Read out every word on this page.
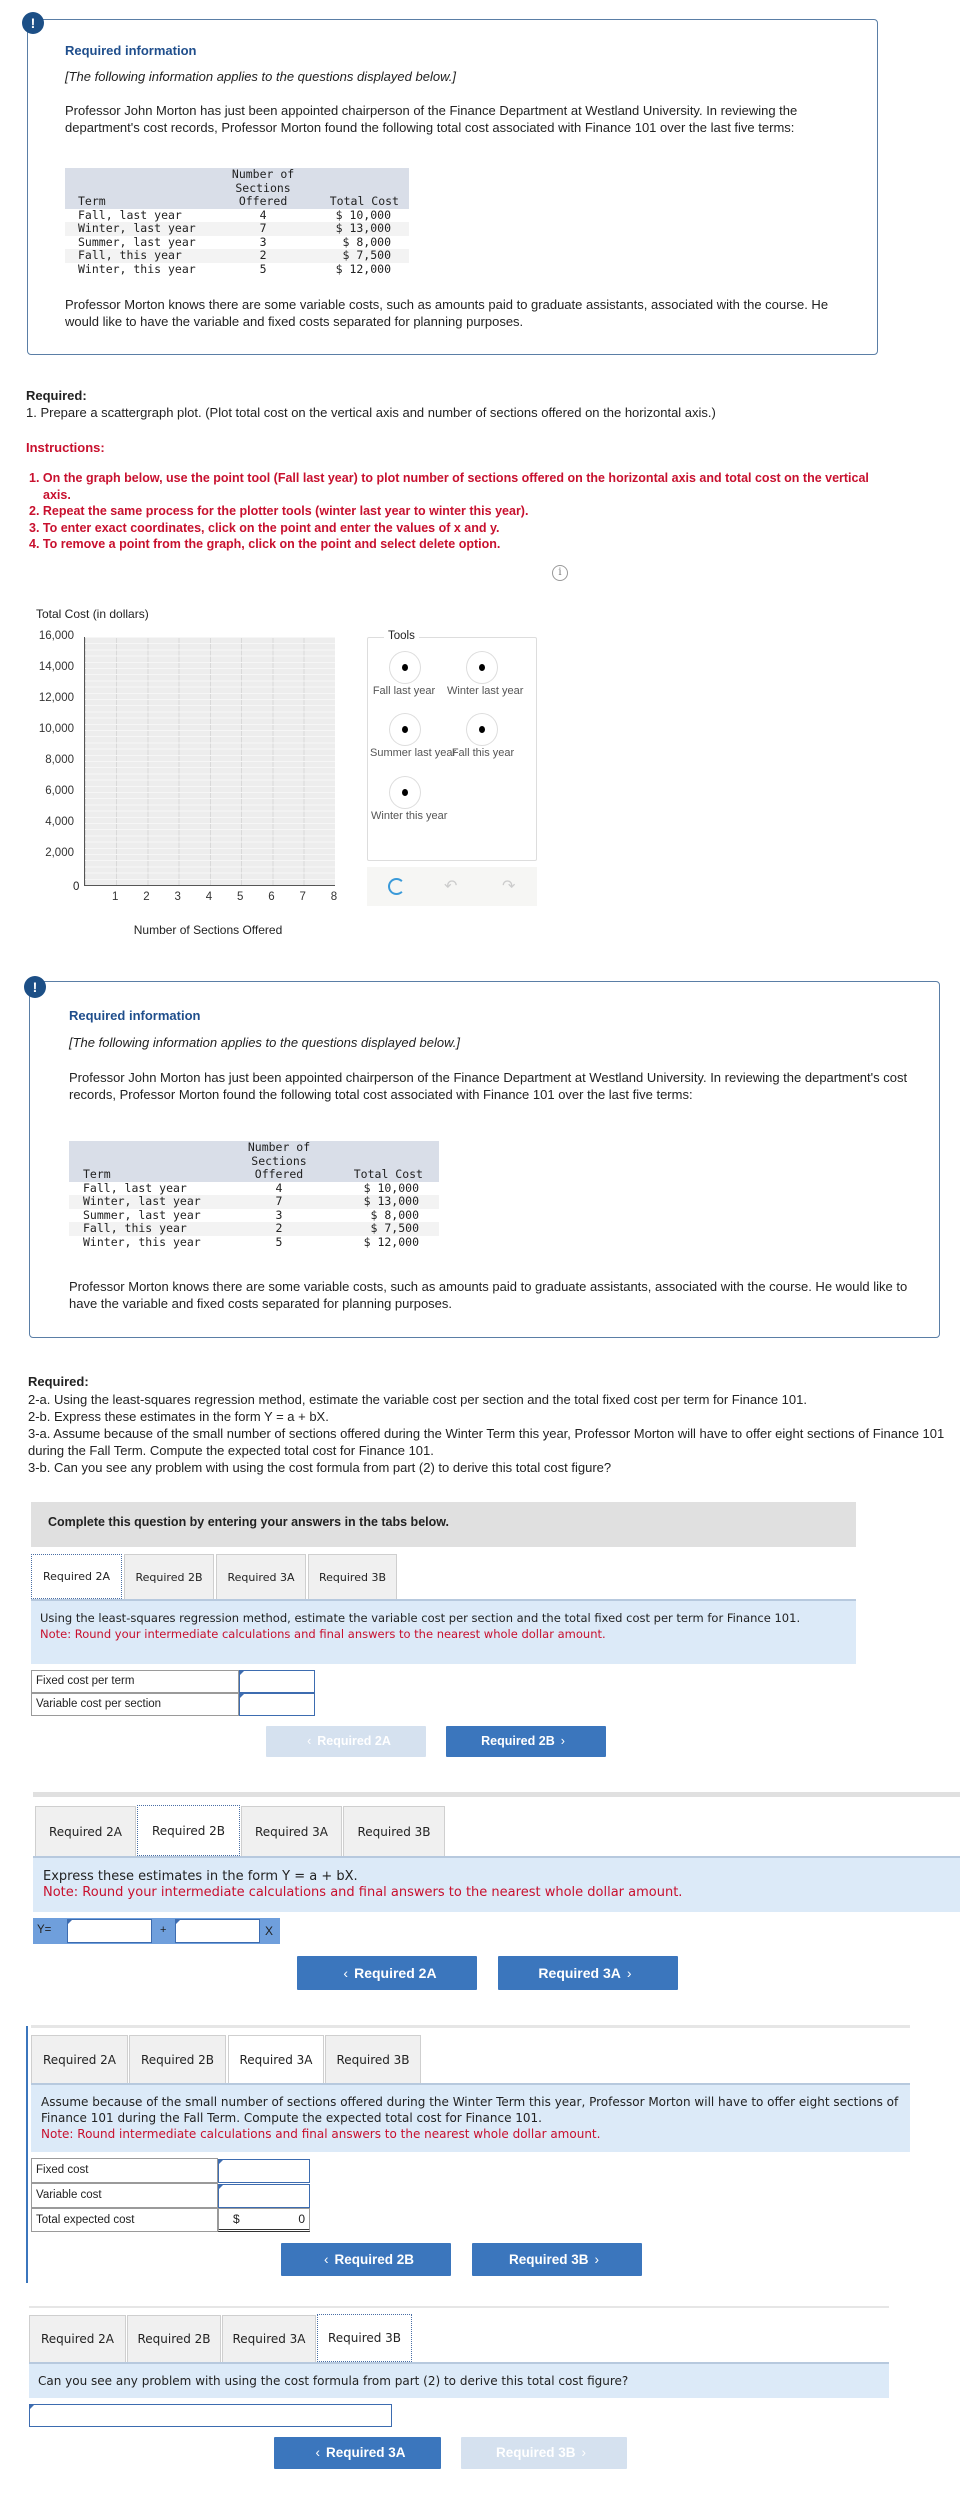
!
Required information
[The following information applies to the questions displayed below.]
Professor John Morton has just been appointed chairperson of the Finance Department at Westland University. In reviewing the department's cost records, Professor Morton found the following total cost associated with Finance 101 over the last five terms:
	Number of	
	Sections	
Term	Offered	Total Cost
Fall, last year	4	$ 10,000
Winter, last year	7	$ 13,000
Summer, last year	3	$ 8,000
Fall, this year	2	$ 7,500
Winter, this year	5	$ 12,000
Professor Morton knows there are some variable costs, such as amounts paid to graduate assistants, associated with the course. He would like to have the variable and fixed costs separated for planning purposes.
Required:
1. Prepare a scattergraph plot. (Plot total cost on the vertical axis and number of sections offered on the horizontal axis.)
Instructions:
1. On the graph below, use the point tool (Fall last year) to plot number of sections offered on the horizontal axis and total cost on the vertical axis.
2. Repeat the same process for the plotter tools (winter last year to winter this year).
3. To enter exact coordinates, click on the point and enter the values of x and y.
4. To remove a point from the graph, click on the point and select delete option.
i
Total Cost (in dollars)
16,000
14,000
12,000
10,000
8,000
6,000
4,000
2,000
1	2	3	4	5	6	7	8
0
Number of Sections Offered
Tools
Fall last year	Winter last year
Summer last year
Fall this year
Winter this year
↶	↷
!
Required information
[The following information applies to the questions displayed below.]
Professor John Morton has just been appointed chairperson of the Finance Department at Westland University. In reviewing the department's cost records, Professor Morton found the following total cost associated with Finance 101 over the last five terms:
	Number of	
	Sections	
Term	Offered	Total Cost
Fall, last year	4	$ 10,000
Winter, last year	7	$ 13,000
Summer, last year	3	$ 8,000
Fall, this year	2	$ 7,500
Winter, this year	5	$ 12,000
Professor Morton knows there are some variable costs, such as amounts paid to graduate assistants, associated with the course. He would like to have the variable and fixed costs separated for planning purposes.
Required:
2-a. Using the least-squares regression method, estimate the variable cost per section and the total fixed cost per term for Finance 101.
2-b. Express these estimates in the form Y = a + bX.
3-a. Assume because of the small number of sections offered during the Winter Term this year, Professor Morton will have to offer eight sections of Finance 101 during the Fall Term. Compute the expected total cost for Finance 101.
3-b. Can you see any problem with using the cost formula from part (2) to derive this total cost figure?
Complete this question by entering your answers in the tabs below.
Required 2A	Required 2B	Required 3A	Required 3B
Using the least-squares regression method, estimate the variable cost per section and the total fixed cost per term for Finance 101.
Note: Round your intermediate calculations and final answers to the nearest whole dollar amount.
Fixed cost per term
Variable cost per section
‹ Required 2A	Required 2B ›
Required 2A	Required 2B	Required 3A	Required 3B
Express these estimates in the form Y = a + bX.
Note: Round your intermediate calculations and final answers to the nearest whole dollar amount.
Y=	+	X
‹ Required 2A	Required 3A ›
Required 2A	Required 2B	Required 3A	Required 3B
Assume because of the small number of sections offered during the Winter Term this year, Professor Morton will have to offer eight sections of Finance 101 during the Fall Term. Compute the expected total cost for Finance 101.
Note: Round intermediate calculations and final answers to the nearest whole dollar amount.
Fixed cost
Variable cost
Total expected cost	$	0
‹ Required 2B	Required 3B ›
Required 2A	Required 2B	Required 3A	Required 3B
Can you see any problem with using the cost formula from part (2) to derive this total cost figure?
‹ Required 3A	Required 3B ›
